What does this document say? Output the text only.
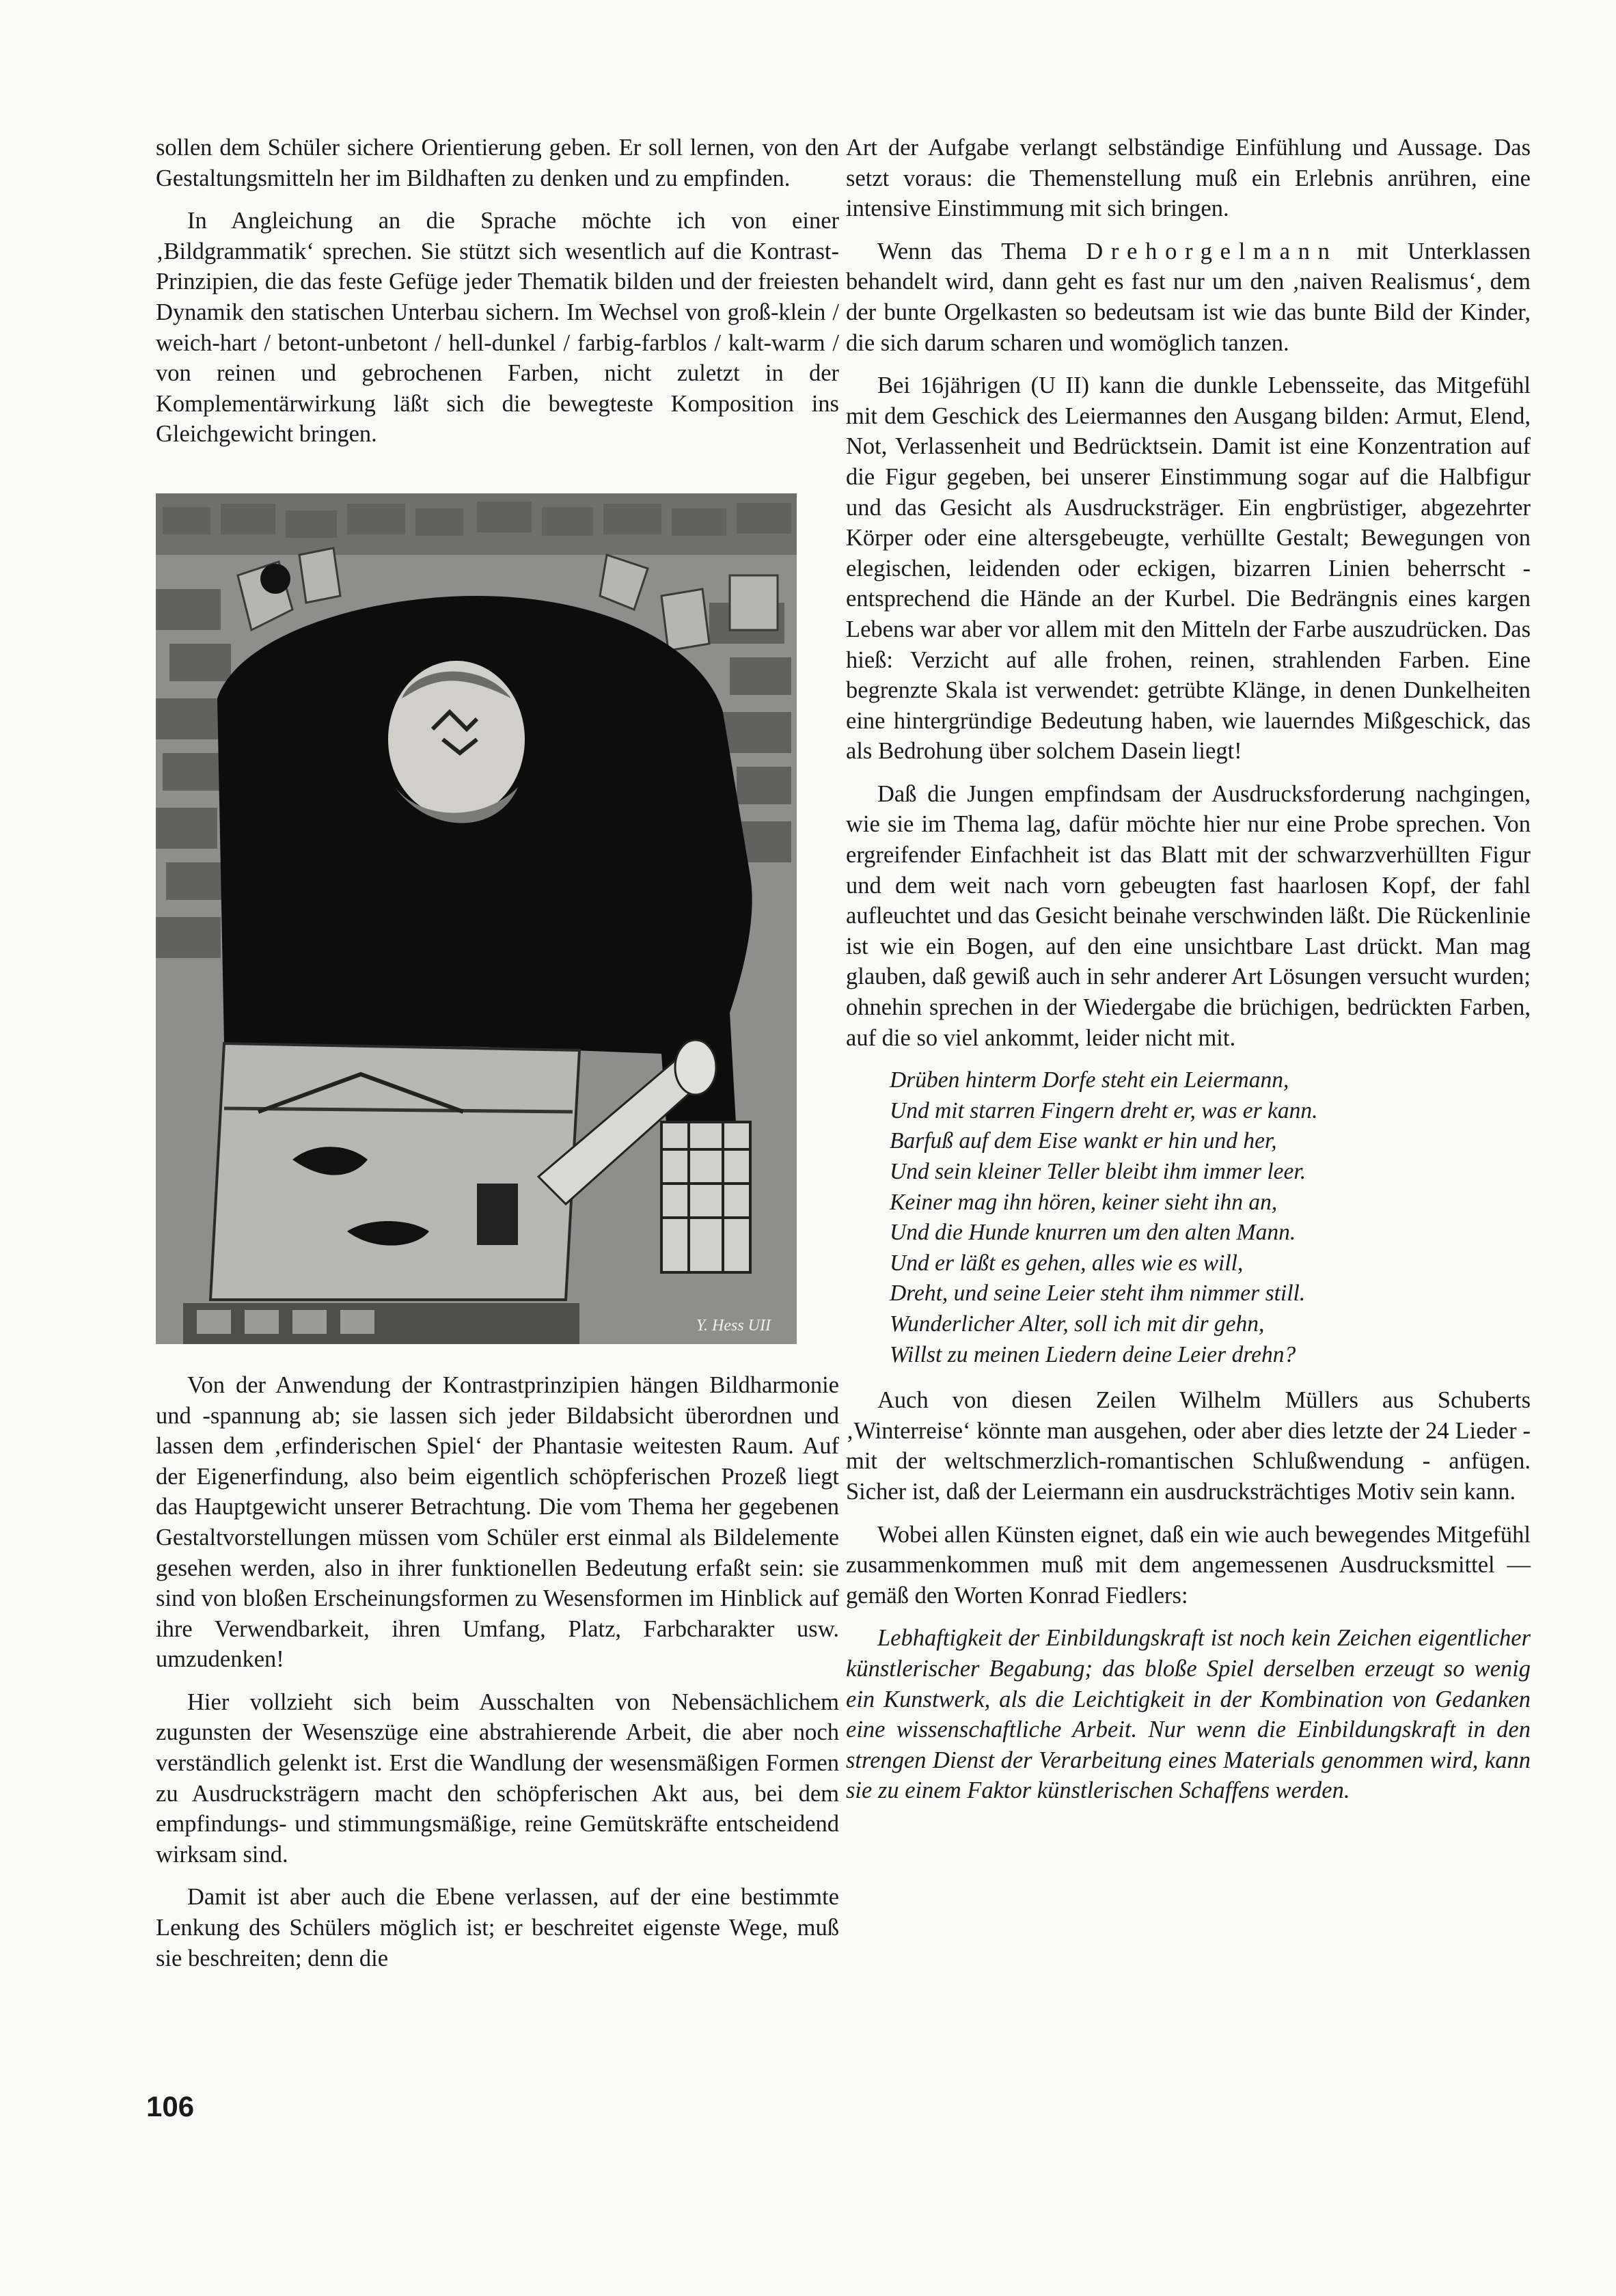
sollen dem Schüler sichere Orientierung geben. Er soll lernen, von den Gestaltungsmitteln her im Bildhaften zu denken und zu empfinden.

In Angleichung an die Sprache möchte ich von einer ‚Bildgrammatik‘ sprechen. Sie stützt sich wesentlich auf die Kontrast-Prinzipien, die das feste Gefüge jeder Thematik bilden und der freiesten Dynamik den statischen Unterbau sichern. Im Wechsel von groß-klein / weich-hart / betont-unbetont / hell-dunkel / farbig-farblos / kalt-warm / von reinen und gebrochenen Farben, nicht zuletzt in der Komplementärwirkung läßt sich die bewegteste Komposition ins Gleichgewicht bringen.

Y. Hess UII

Von der Anwendung der Kontrastprinzipien hängen Bildharmonie und -spannung ab; sie lassen sich jeder Bildabsicht überordnen und lassen dem ‚erfinderischen Spiel‘ der Phantasie weitesten Raum. Auf der Eigenerfindung, also beim eigentlich schöpferischen Prozeß liegt das Hauptgewicht unserer Betrachtung. Die vom Thema her gegebenen Gestaltvorstellungen müssen vom Schüler erst einmal als Bildelemente gesehen werden, also in ihrer funktionellen Bedeutung erfaßt sein: sie sind von bloßen Erscheinungsformen zu Wesensformen im Hinblick auf ihre Verwendbarkeit, ihren Umfang, Platz, Farbcharakter usw. umzudenken!

Hier vollzieht sich beim Ausschalten von Nebensächlichem zugunsten der Wesenszüge eine abstrahierende Arbeit, die aber noch verständlich gelenkt ist. Erst die Wandlung der wesensmäßigen Formen zu Ausdrucksträgern macht den schöpferischen Akt aus, bei dem empfindungs- und stimmungsmäßige, reine Gemütskräfte entscheidend wirksam sind.

Damit ist aber auch die Ebene verlassen, auf der eine bestimmte Lenkung des Schülers möglich ist; er beschreitet eigenste Wege, muß sie beschreiten; denn die

Art der Aufgabe verlangt selbständige Einfühlung und Aussage. Das setzt voraus: die Themenstellung muß ein Erlebnis anrühren, eine intensive Einstimmung mit sich bringen.

Wenn das Thema Drehorgelmann mit Unterklassen behandelt wird, dann geht es fast nur um den ‚naiven Realismus‘, dem der bunte Orgelkasten so bedeutsam ist wie das bunte Bild der Kinder, die sich darum scharen und womöglich tanzen.

Bei 16jährigen (U II) kann die dunkle Lebensseite, das Mitgefühl mit dem Geschick des Leiermannes den Ausgang bilden: Armut, Elend, Not, Verlassenheit und Bedrücktsein. Damit ist eine Konzentration auf die Figur gegeben, bei unserer Einstimmung sogar auf die Halbfigur und das Gesicht als Ausdrucksträger. Ein engbrüstiger, abgezehrter Körper oder eine altersgebeugte, verhüllte Gestalt; Bewegungen von elegischen, leidenden oder eckigen, bizarren Linien beherrscht - entsprechend die Hände an der Kurbel. Die Bedrängnis eines kargen Lebens war aber vor allem mit den Mitteln der Farbe auszudrücken. Das hieß: Verzicht auf alle frohen, reinen, strahlenden Farben. Eine begrenzte Skala ist verwendet: getrübte Klänge, in denen Dunkelheiten eine hintergründige Bedeutung haben, wie lauerndes Mißgeschick, das als Bedrohung über solchem Dasein liegt!

Daß die Jungen empfindsam der Ausdrucksforderung nachgingen, wie sie im Thema lag, dafür möchte hier nur eine Probe sprechen. Von ergreifender Einfachheit ist das Blatt mit der schwarzverhüllten Figur und dem weit nach vorn gebeugten fast haarlosen Kopf, der fahl aufleuchtet und das Gesicht beinahe verschwinden läßt. Die Rückenlinie ist wie ein Bogen, auf den eine unsichtbare Last drückt. Man mag glauben, daß gewiß auch in sehr anderer Art Lösungen versucht wurden; ohnehin sprechen in der Wiedergabe die brüchigen, bedrückten Farben, auf die so viel ankommt, leider nicht mit.

Drüben hinterm Dorfe steht ein Leiermann,
Und mit starren Fingern dreht er, was er kann.
Barfuß auf dem Eise wankt er hin und her,
Und sein kleiner Teller bleibt ihm immer leer.
Keiner mag ihn hören, keiner sieht ihn an,
Und die Hunde knurren um den alten Mann.
Und er läßt es gehen, alles wie es will,
Dreht, und seine Leier steht ihm nimmer still.
Wunderlicher Alter, soll ich mit dir gehn,
Willst zu meinen Liedern deine Leier drehn?

Auch von diesen Zeilen Wilhelm Müllers aus Schuberts ‚Winterreise‘ könnte man ausgehen, oder aber dies letzte der 24 Lieder - mit der weltschmerzlich-romantischen Schlußwendung - anfügen. Sicher ist, daß der Leiermann ein ausdrucksträchtiges Motiv sein kann.

Wobei allen Künsten eignet, daß ein wie auch bewegendes Mitgefühl zusammenkommen muß mit dem angemessenen Ausdrucksmittel — gemäß den Worten Konrad Fiedlers:

Lebhaftigkeit der Einbildungskraft ist noch kein Zeichen eigentlicher künstlerischer Begabung; das bloße Spiel derselben erzeugt so wenig ein Kunstwerk, als die Leichtigkeit in der Kombination von Gedanken eine wissenschaftliche Arbeit. Nur wenn die Einbildungskraft in den strengen Dienst der Verarbeitung eines Materials genommen wird, kann sie zu einem Faktor künstlerischen Schaffens werden.

106
